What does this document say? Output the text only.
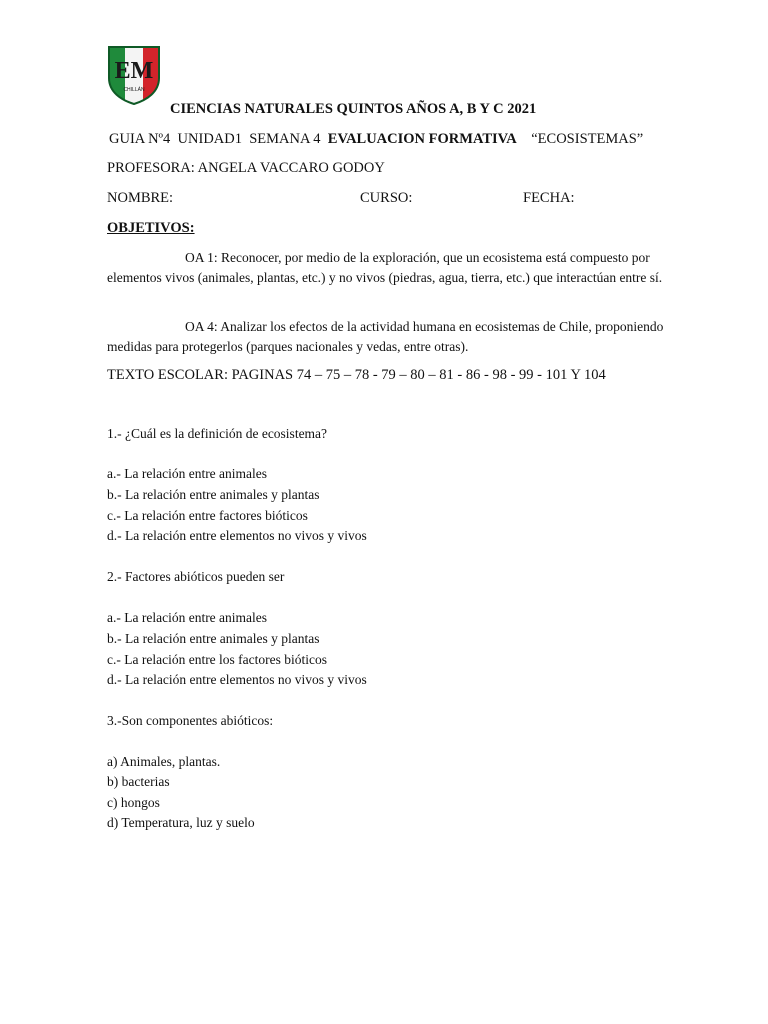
EM
CHILLÁN
CIENCIAS NATURALES QUINTOS AÑOS A, B Y C 2021
GUIA Nº4 UNIDAD1 SEMANA 4 EVALUACION FORMATIVA “ECOSISTEMAS”
PROFESORA: ANGELA VACCARO GODOY
NOMBRE:	CURSO:	FECHA:
OBJETIVOS:
OA 1: Reconocer, por medio de la exploración, que un ecosistema está compuesto por elementos vivos (animales, plantas, etc.) y no vivos (piedras, agua, tierra, etc.) que interactúan entre sí.
OA 4: Analizar los efectos de la actividad humana en ecosistemas de Chile, proponiendo medidas para protegerlos (parques nacionales y vedas, entre otras).
TEXTO ESCOLAR: PAGINAS 74 – 75 – 78 - 79 – 80 – 81 - 86 - 98 - 99 - 101 Y 104
1.- ¿Cuál es la definición de ecosistema?
a.- La relación entre animales
b.- La relación entre animales y plantas
c.- La relación entre factores bióticos
d.- La relación entre elementos no vivos y vivos
2.- Factores abióticos pueden ser
a.- La relación entre animales
b.- La relación entre animales y plantas
c.- La relación entre los factores bióticos
d.- La relación entre elementos no vivos y vivos
3.-Son componentes abióticos:
a) Animales, plantas.
b) bacterias
c) hongos
d) Temperatura, luz y suelo
